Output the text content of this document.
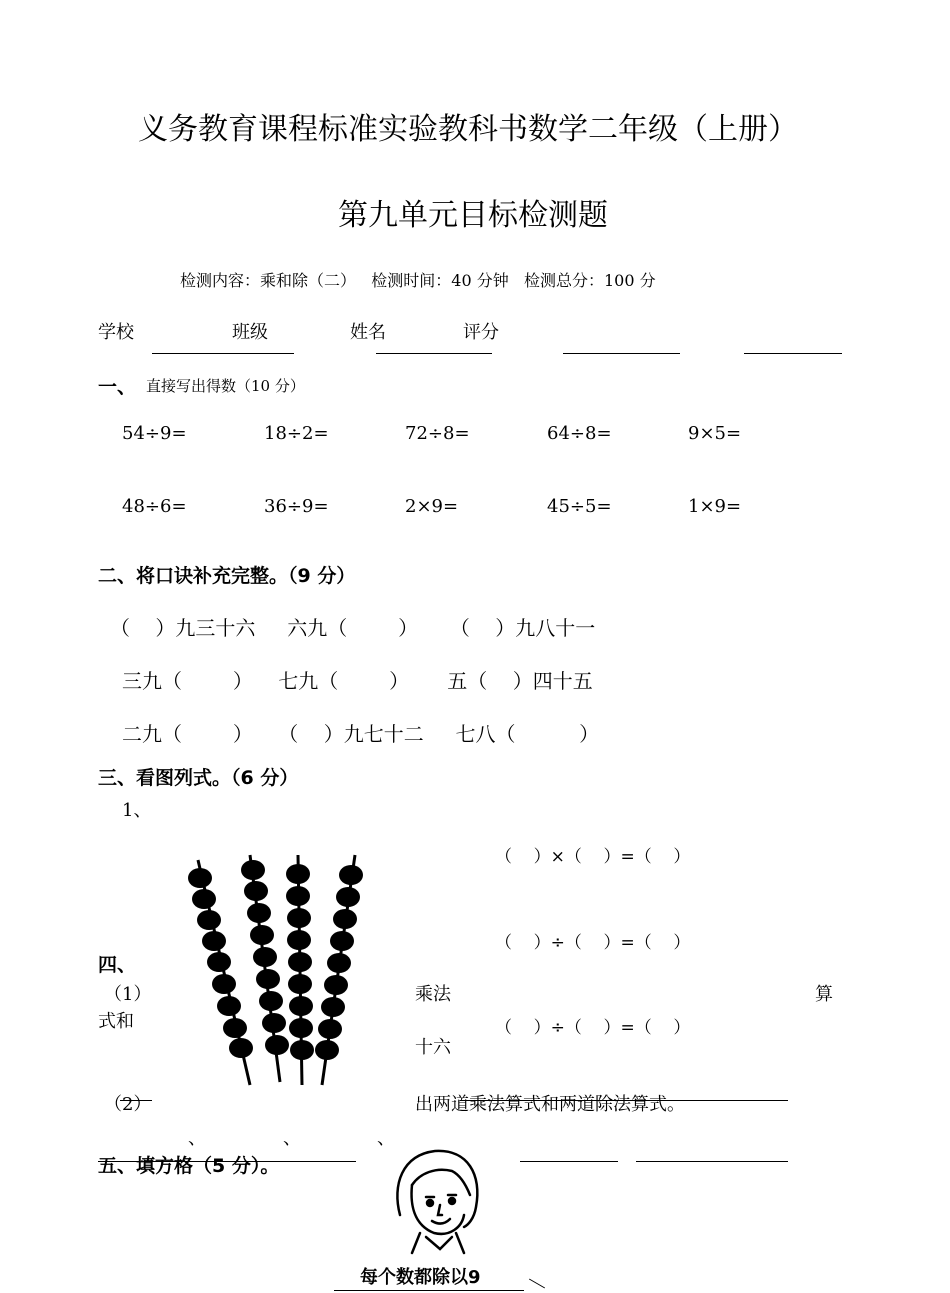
义务教育课程标准实验教科书数学二年级（上册）
第九单元目标检测题
检测内容：乘和除（二）   检测时间：40 分钟   检测总分：100 分
学校	班级	姓名	评分
一、 直接写出得数（10 分）
54÷9=	18÷2=	72÷8=	64÷8=	9×5=
48÷6=	36÷9=	2×9=	45÷5=	1×9=
二、将口诀补充完整。（9 分）
（    ）九三十六     六九（        ）     （    ）九八十一
三九（        ）    七九（        ）      五（    ）四十五
二九（        ）    （    ）九七十二     七八（          ）
三、看图列式。（6 分）
1、
（    ）×（    ）=（    ）
（    ）÷（    ）=（    ）
（    ）÷（    ）=（    ）
四、
（1）	乘法	算
式和
十六
（2）	出两道乘法算式和两道除法算式。
、	、	、
五、填方格（5 分）。
每个数都除以9
